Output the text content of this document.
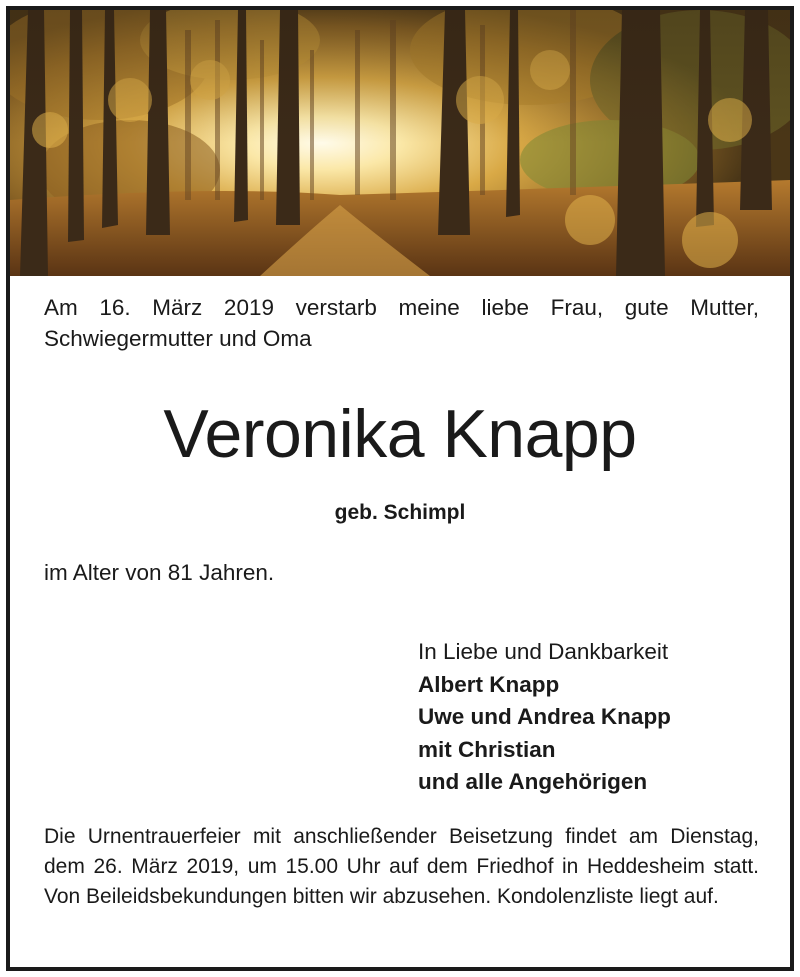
Am 16. März 2019 verstarb meine liebe Frau, gute Mutter, Schwiegermutter und Oma
Veronika Knapp
geb. Schimpl
im Alter von 81 Jahren.
In Liebe und Dankbarkeit
Albert Knapp
Uwe und Andrea Knapp
mit Christian
und alle Angehörigen
Die Urnentrauerfeier mit anschließender Beisetzung findet am Dienstag, dem 26. März 2019, um 15.00 Uhr auf dem Friedhof in Heddesheim statt. Von Beileidsbekundungen bitten wir abzusehen. Kondolenzliste liegt auf.
